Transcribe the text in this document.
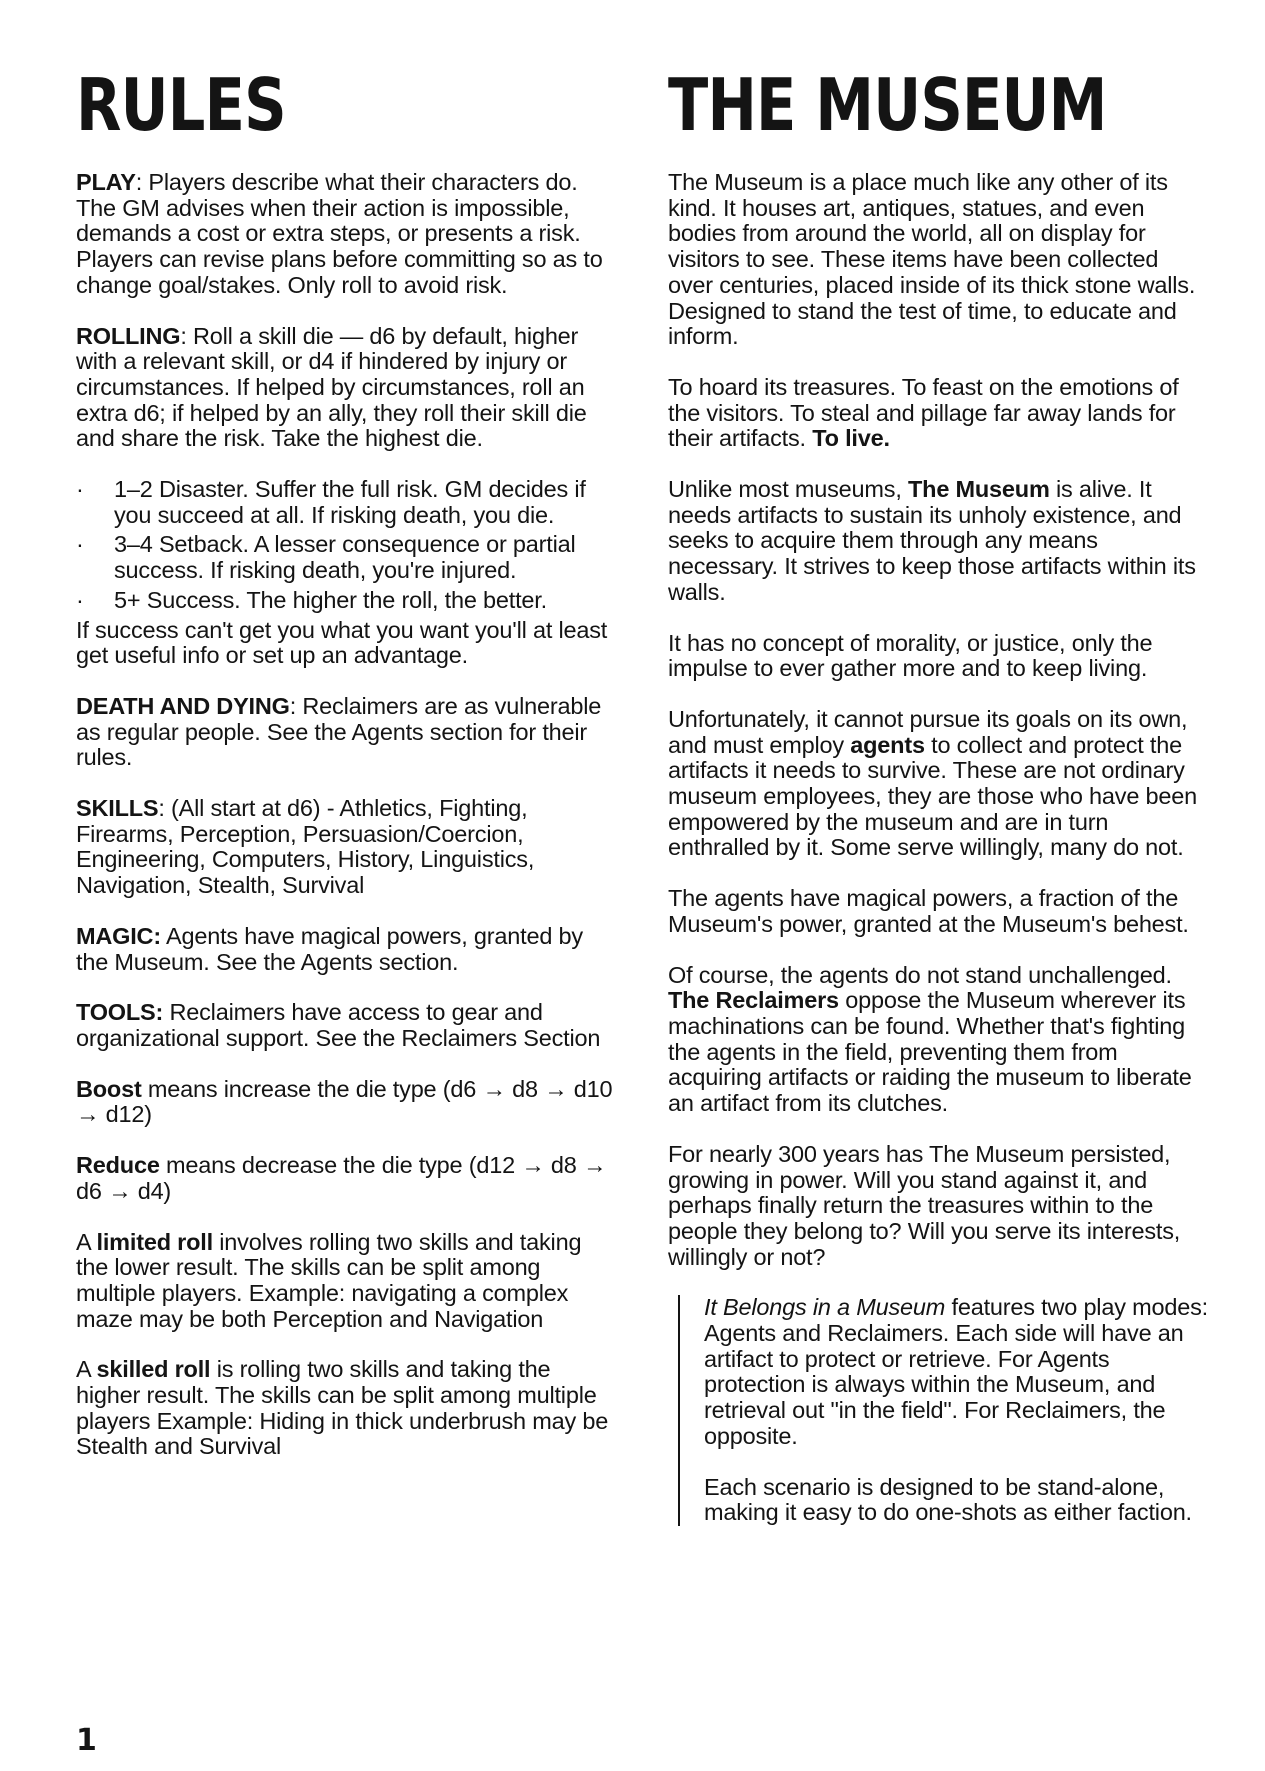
RULES

PLAY: Players describe what their characters do. The GM advises when their action is impossible, demands a cost or extra steps, or presents a risk. Players can revise plans before committing so as to change goal/stakes. Only roll to avoid risk.

ROLLING: Roll a skill die — d6 by default, higher with a relevant skill, or d4 if hindered by injury or circumstances. If helped by circumstances, roll an extra d6; if helped by an ally, they roll their skill die and share the risk. Take the highest die.

· 1–2 Disaster. Suffer the full risk. GM decides if you succeed at all. If risking death, you die.
· 3–4 Setback. A lesser consequence or partial success. If risking death, you're injured.
· 5+ Success. The higher the roll, the better.

If success can't get you what you want you'll at least get useful info or set up an advantage.

DEATH AND DYING: Reclaimers are as vulnerable as regular people. See the Agents section for their rules.

SKILLS: (All start at d6) - Athletics, Fighting, Firearms, Perception, Persuasion/Coercion, Engineering, Computers, History, Linguistics, Navigation, Stealth, Survival

MAGIC: Agents have magical powers, granted by the Museum. See the Agents section.

TOOLS: Reclaimers have access to gear and organizational support. See the Reclaimers Section

Boost means increase the die type (d6 → d8 → d10 → d12)

Reduce means decrease the die type (d12 → d8 → d6 → d4)

A limited roll involves rolling two skills and taking the lower result. The skills can be split among multiple players. Example: navigating a complex maze may be both Perception and Navigation

A skilled roll is rolling two skills and taking the higher result. The skills can be split among multiple players Example: Hiding in thick underbrush may be Stealth and Survival

THE MUSEUM

The Museum is a place much like any other of its kind. It houses art, antiques, statues, and even bodies from around the world, all on display for visitors to see. These items have been collected over centuries, placed inside of its thick stone walls. Designed to stand the test of time, to educate and inform.

To hoard its treasures. To feast on the emotions of the visitors. To steal and pillage far away lands for their artifacts. To live.

Unlike most museums, The Museum is alive. It needs artifacts to sustain its unholy existence, and seeks to acquire them through any means necessary. It strives to keep those artifacts within its walls.

It has no concept of morality, or justice, only the impulse to ever gather more and to keep living.

Unfortunately, it cannot pursue its goals on its own, and must employ agents to collect and protect the artifacts it needs to survive. These are not ordinary museum employees, they are those who have been empowered by the museum and are in turn enthralled by it. Some serve willingly, many do not.

The agents have magical powers, a fraction of the Museum's power, granted at the Museum's behest.

Of course, the agents do not stand unchallenged. The Reclaimers oppose the Museum wherever its machinations can be found. Whether that's fighting the agents in the field, preventing them from acquiring artifacts or raiding the museum to liberate an artifact from its clutches.

For nearly 300 years has The Museum persisted, growing in power. Will you stand against it, and perhaps finally return the treasures within to the people they belong to? Will you serve its interests, willingly or not?

It Belongs in a Museum features two play modes: Agents and Reclaimers. Each side will have an artifact to protect or retrieve. For Agents protection is always within the Museum, and retrieval out "in the field". For Reclaimers, the opposite.

Each scenario is designed to be stand-alone, making it easy to do one-shots as either faction.

1
